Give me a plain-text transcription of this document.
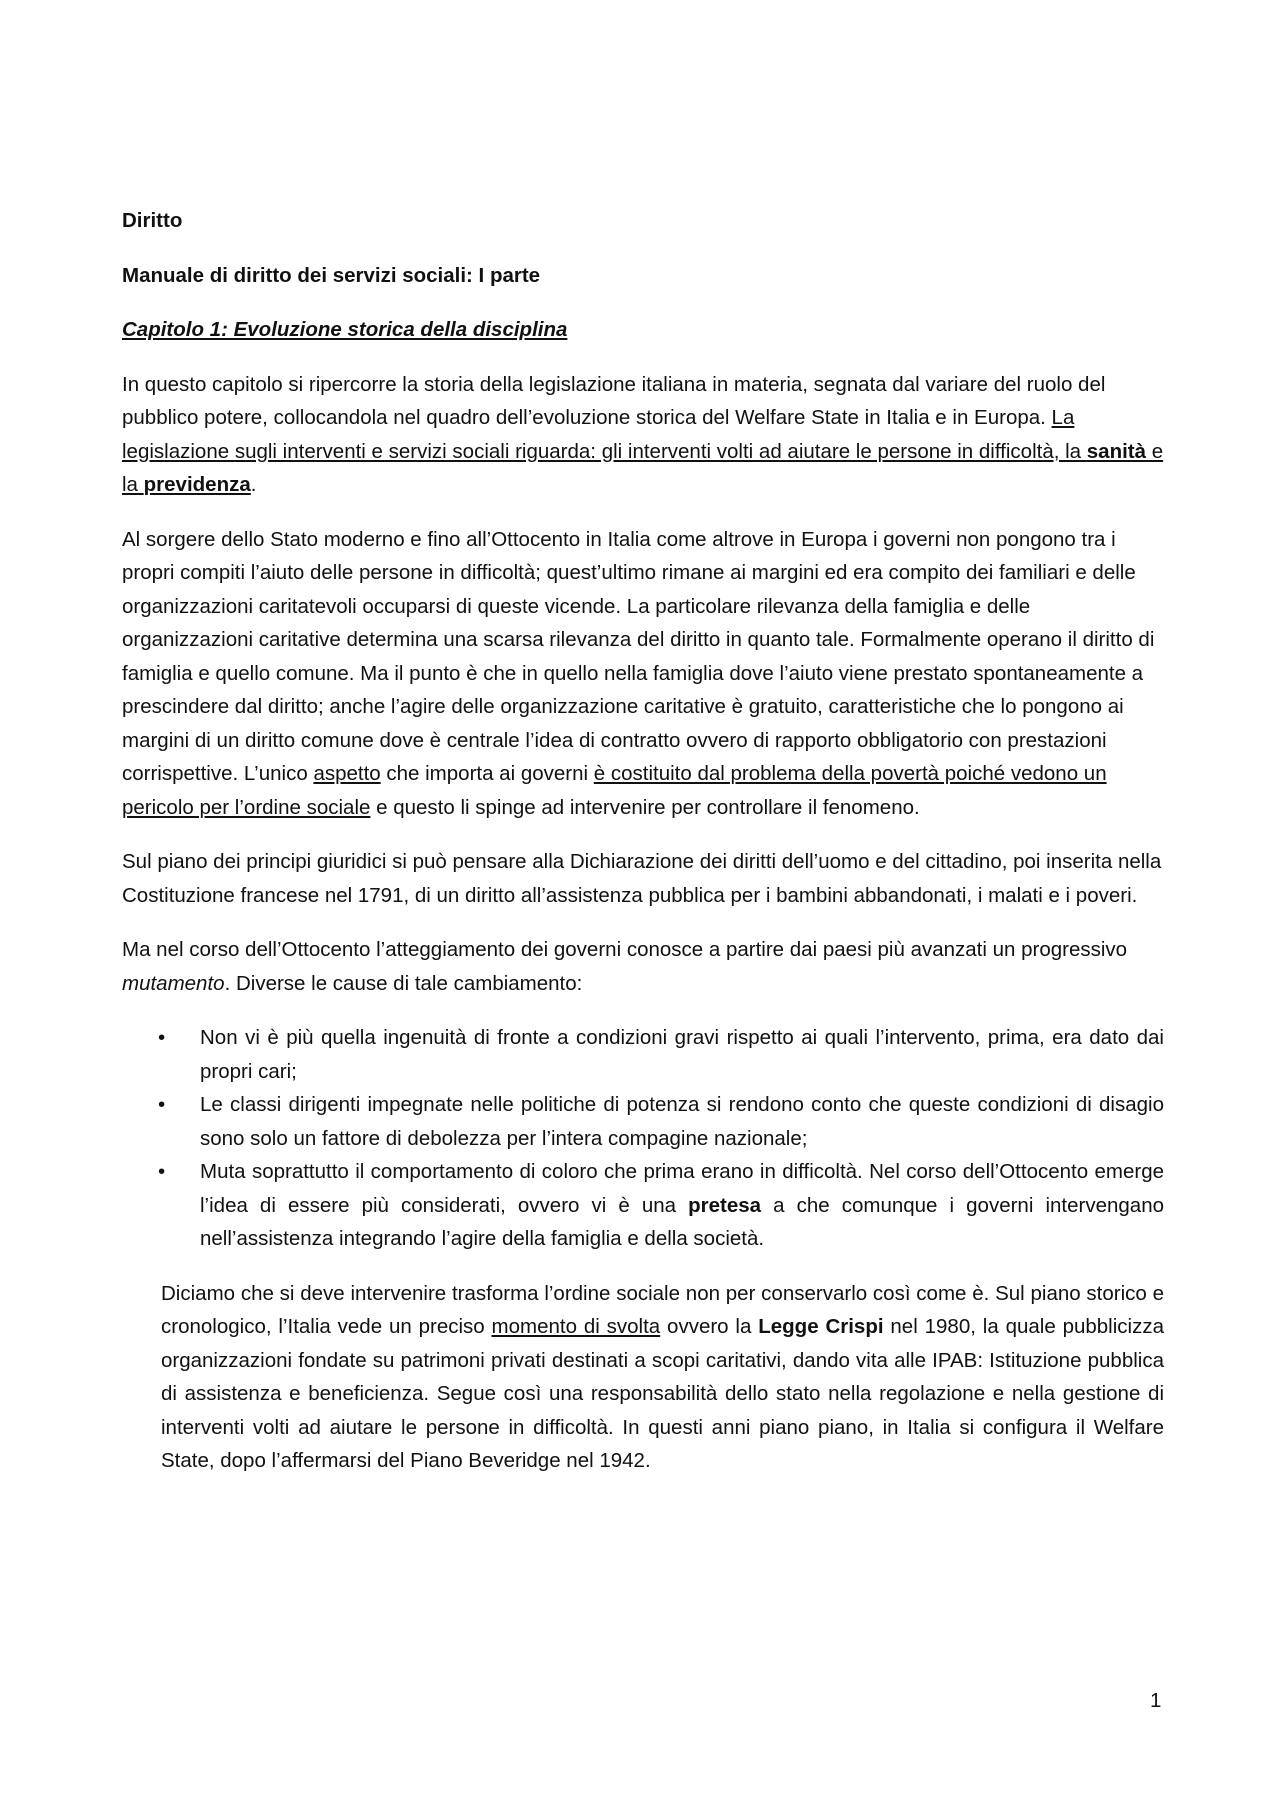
Diritto
Manuale di diritto dei servizi sociali: I parte
Capitolo 1: Evoluzione storica della disciplina

In questo capitolo si ripercorre la storia della legislazione italiana in materia, segnata dal variare del ruolo del pubblico potere, collocandola nel quadro dell’evoluzione storica del Welfare State in Italia e in Europa. La legislazione sugli interventi e servizi sociali riguarda: gli interventi volti ad aiutare le persone in difficoltà, la sanità e la previdenza.

Al sorgere dello Stato moderno e fino all’Ottocento in Italia come altrove in Europa i governi non pongono tra i propri compiti l’aiuto delle persone in difficoltà; quest’ultimo rimane ai margini ed era compito dei familiari e delle organizzazioni caritatevoli occuparsi di queste vicende. La particolare rilevanza della famiglia e delle organizzazioni caritative determina una scarsa rilevanza del diritto in quanto tale. Formalmente operano il diritto di famiglia e quello comune. Ma il punto è che in quello nella famiglia dove l’aiuto viene prestato spontaneamente a prescindere dal diritto; anche l’agire delle organizzazione caritative è gratuito, caratteristiche che lo pongono ai margini di un diritto comune dove è centrale l’idea di contratto ovvero di rapporto obbligatorio con prestazioni corrispettive. L’unico aspetto che importa ai governi è costituito dal problema della povertà poiché vedono un pericolo per l’ordine sociale e questo li spinge ad intervenire per controllare il fenomeno.

Sul piano dei principi giuridici si può pensare alla Dichiarazione dei diritti dell’uomo e del cittadino, poi inserita nella Costituzione francese nel 1791, di un diritto all’assistenza pubblica per i bambini abbandonati, i malati e i poveri.

Ma nel corso dell’Ottocento l’atteggiamento dei governi conosce a partire dai paesi più avanzati un progressivo mutamento. Diverse le cause di tale cambiamento:

• Non vi è più quella ingenuità di fronte a condizioni gravi rispetto ai quali l’intervento, prima, era dato dai propri cari;
• Le classi dirigenti impegnate nelle politiche di potenza si rendono conto che queste condizioni di disagio sono solo un fattore di debolezza per l’intera compagine nazionale;
• Muta soprattutto il comportamento di coloro che prima erano in difficoltà. Nel corso dell’Ottocento emerge l’idea di essere più considerati, ovvero vi è una pretesa a che comunque i governi intervengano nell’assistenza integrando l’agire della famiglia e della società.

Diciamo che si deve intervenire trasforma l’ordine sociale non per conservarlo così come è. Sul piano storico e cronologico, l’Italia vede un preciso momento di svolta ovvero la Legge Crispi nel 1980, la quale pubblicizza organizzazioni fondate su patrimoni privati destinati a scopi caritativi, dando vita alle IPAB: Istituzione pubblica di assistenza e beneficienza. Segue così una responsabilità dello stato nella regolazione e nella gestione di interventi volti ad aiutare le persone in difficoltà. In questi anni piano piano, in Italia si configura il Welfare State, dopo l’affermarsi del Piano Beveridge nel 1942.

1
